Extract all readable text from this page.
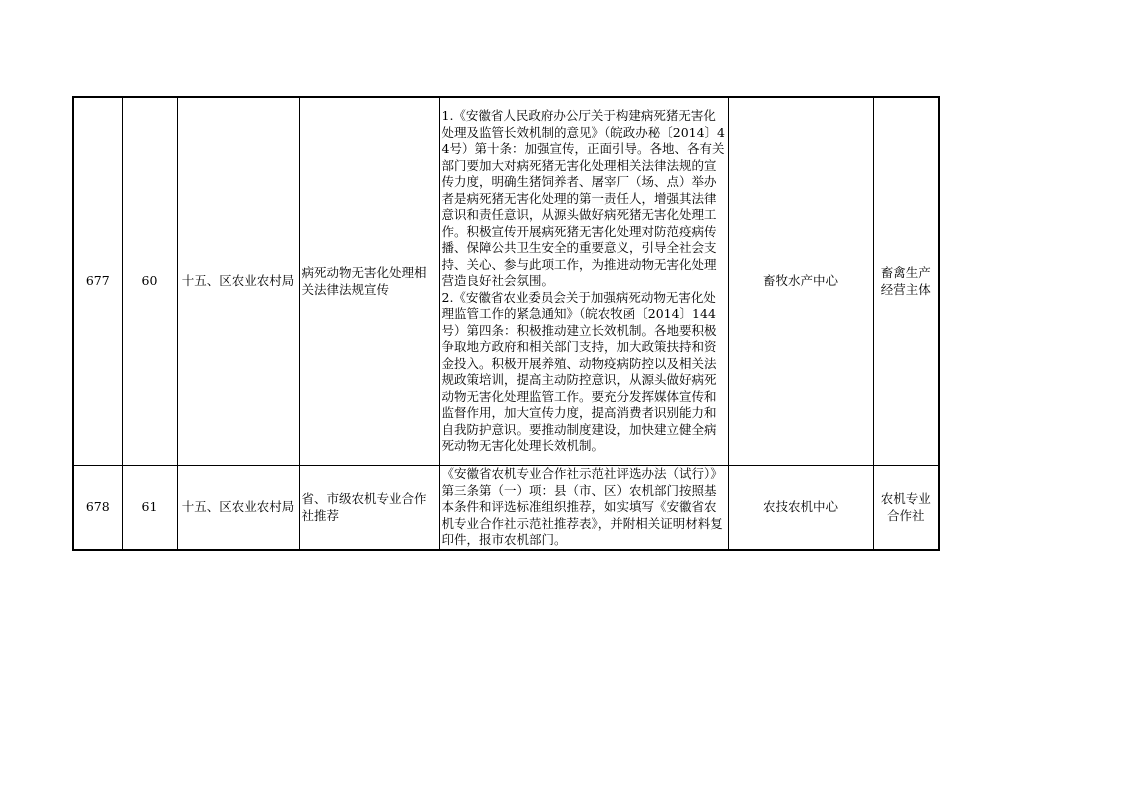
677	60	十五、区农业农村局	病死动物无害化处理相关法律法规宣传	1.《安徽省人民政府办公厅关于构建病死猪无害化处理及监管长效机制的意见》（皖政办秘〔2014〕44号）第十条：加强宣传，正面引导。各地、各有关部门要加大对病死猪无害化处理相关法律法规的宣传力度，明确生猪饲养者、屠宰厂（场、点）举办者是病死猪无害化处理的第一责任人，增强其法律意识和责任意识，从源头做好病死猪无害化处理工作。积极宣传开展病死猪无害化处理对防范疫病传播、保障公共卫生安全的重要意义，引导全社会支持、关心、参与此项工作，为推进动物无害化处理营造良好社会氛围。

2.《安徽省农业委员会关于加强病死动物无害化处理监管工作的紧急通知》（皖农牧函〔2014〕144号）第四条：积极推动建立长效机制。各地要积极争取地方政府和相关部门支持，加大政策扶持和资金投入。积极开展养殖、动物疫病防控以及相关法规政策培训，提高主动防控意识，从源头做好病死动物无害化处理监管工作。要充分发挥媒体宣传和监督作用，加大宣传力度，提高消费者识别能力和自我防护意识。要推动制度建设，加快建立健全病死动物无害化处理长效机制。	畜牧水产中心	畜禽生产经营主体
678	61	十五、区农业农村局	省、市级农机专业合作社推荐	《安徽省农机专业合作社示范社评选办法（试行）》第三条第（一）项：县（市、区）农机部门按照基本条件和评选标准组织推荐，如实填写《安徽省农机专业合作社示范社推荐表》，并附相关证明材料复印件，报市农机部门。	农技农机中心	农机专业合作社
